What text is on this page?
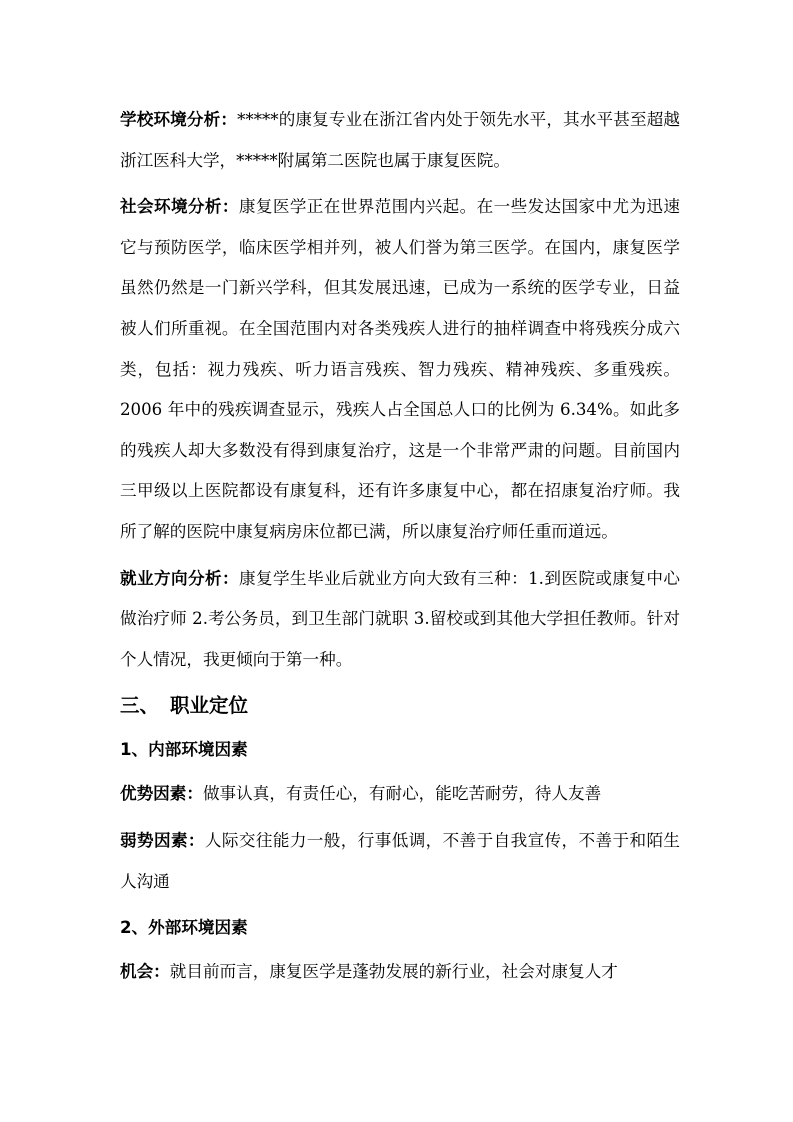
学校环境分析：*****的康复专业在浙江省内处于领先水平，其水平甚至超越浙江医科大学，*****附属第二医院也属于康复医院。

社会环境分析：康复医学正在世界范围内兴起。在一些发达国家中尤为迅速它与预防医学，临床医学相并列，被人们誉为第三医学。在国内，康复医学虽然仍然是一门新兴学科，但其发展迅速，已成为一系统的医学专业，日益被人们所重视。在全国范围内对各类残疾人进行的抽样调查中将残疾分成六类，包括：视力残疾、听力语言残疾、智力残疾、精神残疾、多重残疾。2006 年中的残疾调查显示，残疾人占全国总人口的比例为 6.34%。如此多的残疾人却大多数没有得到康复治疗，这是一个非常严肃的问题。目前国内三甲级以上医院都设有康复科，还有许多康复中心，都在招康复治疗师。我所了解的医院中康复病房床位都已满，所以康复治疗师任重而道远。

就业方向分析：康复学生毕业后就业方向大致有三种：1.到医院或康复中心做治疗师 2.考公务员，到卫生部门就职 3.留校或到其他大学担任教师。针对个人情况，我更倾向于第一种。

三、 职业定位
1、内部环境因素

优势因素：做事认真，有责任心，有耐心，能吃苦耐劳，待人友善

弱势因素：人际交往能力一般，行事低调，不善于自我宣传，不善于和陌生人沟通

2、外部环境因素

机会：就目前而言，康复医学是蓬勃发展的新行业，社会对康复人才
